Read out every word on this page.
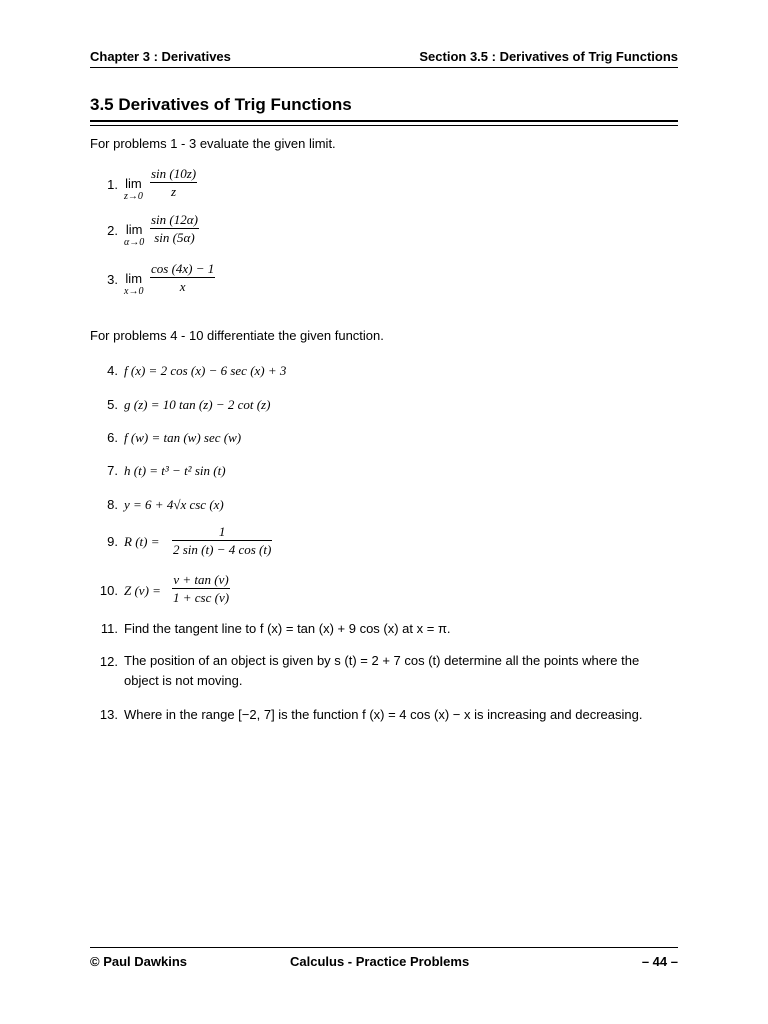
Chapter 3 : Derivatives	Section 3.5 : Derivatives of Trig Functions
3.5 Derivatives of Trig Functions
For problems 1 - 3 evaluate the given limit.
1. lim
z→0
sin (10z)
z
2. lim
α→0
sin (12α)
sin (5α)
3. lim
x→0
cos (4x) − 1
x
For problems 4 - 10 differentiate the given function.
4. f (x) = 2 cos (x) − 6 sec (x) + 3
5. g (z) = 10 tan (z) − 2 cot (z)
6. f (w) = tan (w) sec (w)
7. h (t) = t³ − t² sin (t)
8. y = 6 + 4√x csc (x)
9. R (t) =
1
2 sin (t) − 4 cos (t)
10. Z (v) =
v + tan (v)
1 + csc (v)
11. Find the tangent line to f (x) = tan (x) + 9 cos (x) at x = π.
12. The position of an object is given by s (t) = 2 + 7 cos (t) determine all the points where the object is not moving.
13. Where in the range [−2, 7] is the function f (x) = 4 cos (x) − x is increasing and decreasing.
© Paul Dawkins	Calculus - Practice Problems	– 44 –
